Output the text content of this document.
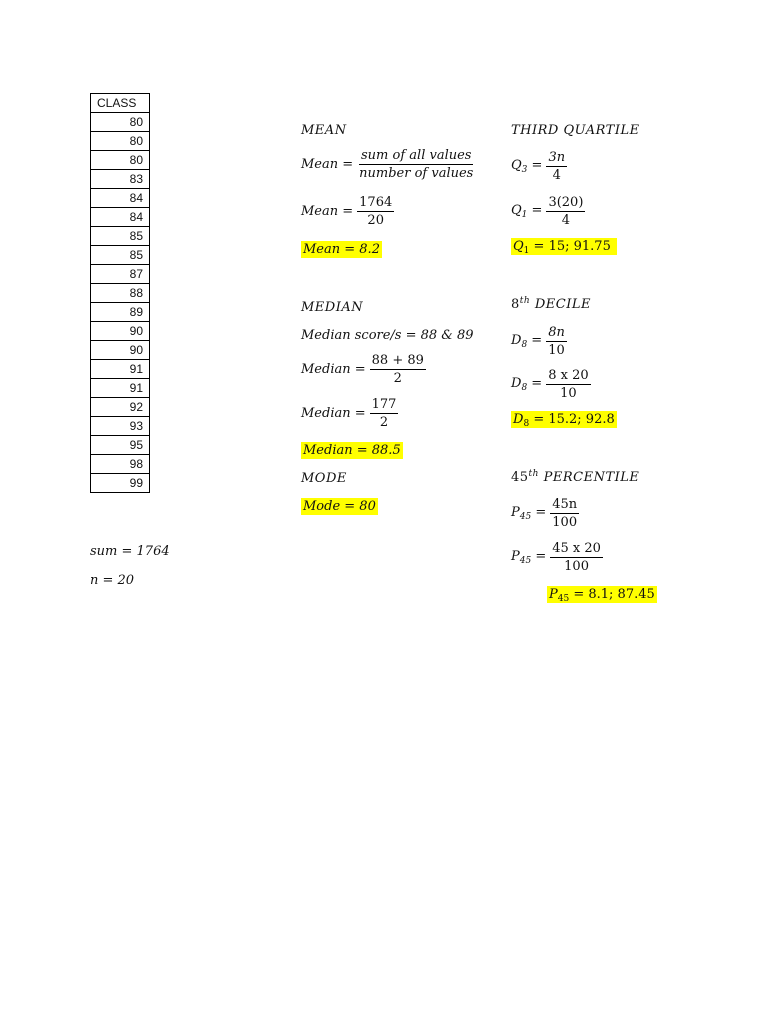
CLASS
80
80
80
83
84
84
85
85
87
88
89
90
90
91
91
92
93
95
98
99
sum = 1764
n = 20
MEAN
Mean = $\frac{\text{sum of all values}}{\text{number of values}}$
Mean = $\frac{1764}{20}$
Mean = 8.2
MEDIAN
Median score/s = 88 & 89
Median = $\frac{88 + 89}{2}$
Median = $\frac{177}{2}$
Median = 88.5
MODE
Mode = 80
THIRD QUARTILE
$Q_3 = \frac{3n}{4}$
$Q_1 = \frac{3(20)}{4}$
$Q_1 = 15$; 91.75
8th DECILE
$D_8 = \frac{8n}{10}$
$D_8 = \frac{8 x 20}{10}$
$D_8 = 15.2$; 92.8
45th PERCENTILE
$P_{45} = \frac{45n}{100}$
$P_{45} = \frac{45 x 20}{100}$
$P_{45} = 8.1$; 87.45
